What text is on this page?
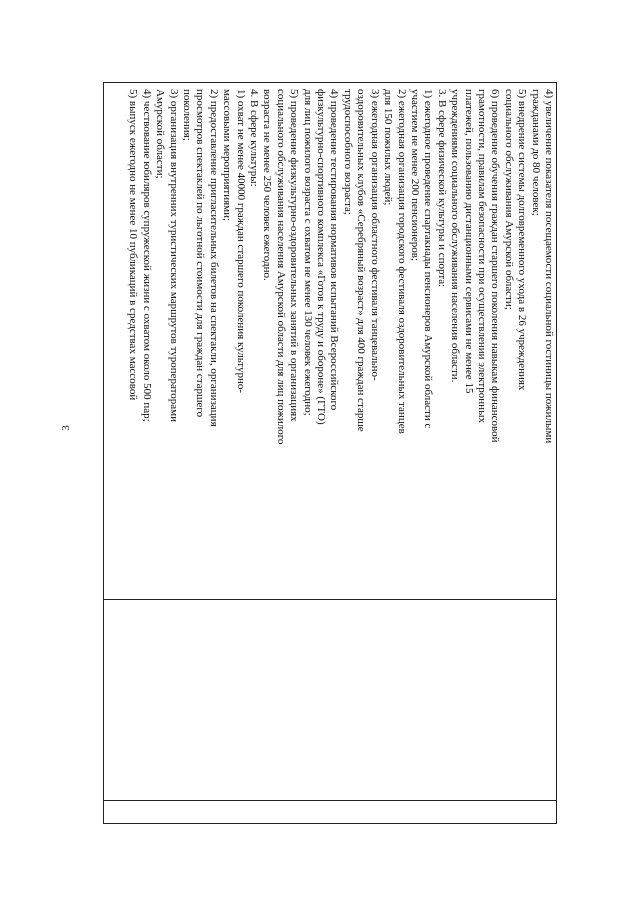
3	4) увеличение показателя посещаемости социальной гостиницы пожилыми
гражданами до 80 человек;
5) внедрение системы долговременного ухода в 26 учреждениях
социального обслуживания Амурской области;
6) проведение обучения граждан старшего поколения навыкам финансовой
грамотности, правилам безопасности при осуществлении электронных
платежей, пользованию дистанционными сервисами не менее 15
учреждениями социального обслуживания населения области.
3. В сфере физической культуры и спорта:
1) ежегодное проведение спартакиады пенсионеров Амурской области с
участием не менее 200 пенсионеров;
2) ежегодная организация городского фестиваля оздоровительных танцев
для 150 пожилых людей;
3) ежегодная организация областного фестиваля танцевально-
оздоровительных клубов «Серебряный возраст» для 400 граждан старше
трудоспособного возраста;
4) проведение тестирования нормативов испытаний Всероссийского
физкультурно-спортивного комплекса «Готов к труду и обороне» (ГТО)
для лиц пожилого возраста с охватом не менее 130 человек ежегодно;
5) проведение физкультурно-оздоровительных занятий в организациях
социального обслуживания населения Амурской области для лиц пожилого
возраста не менее 250 человек ежегодно.
4. В сфере культуры:
1) охват не менее 40000 граждан старшего поколения культурно-
массовыми мероприятиями;
2) предоставление пригласительных билетов на спектакли, организация
просмотров спектаклей по льготной стоимости для граждан старшего
поколения;
3) организация внутренних туристических маршрутов туроператорами
Амурской области;
4) чествование юбиляров супружеской жизни с охватом около 500 пар;
5) выпуск ежегодно не менее 10 публикаций в средствах массовой
